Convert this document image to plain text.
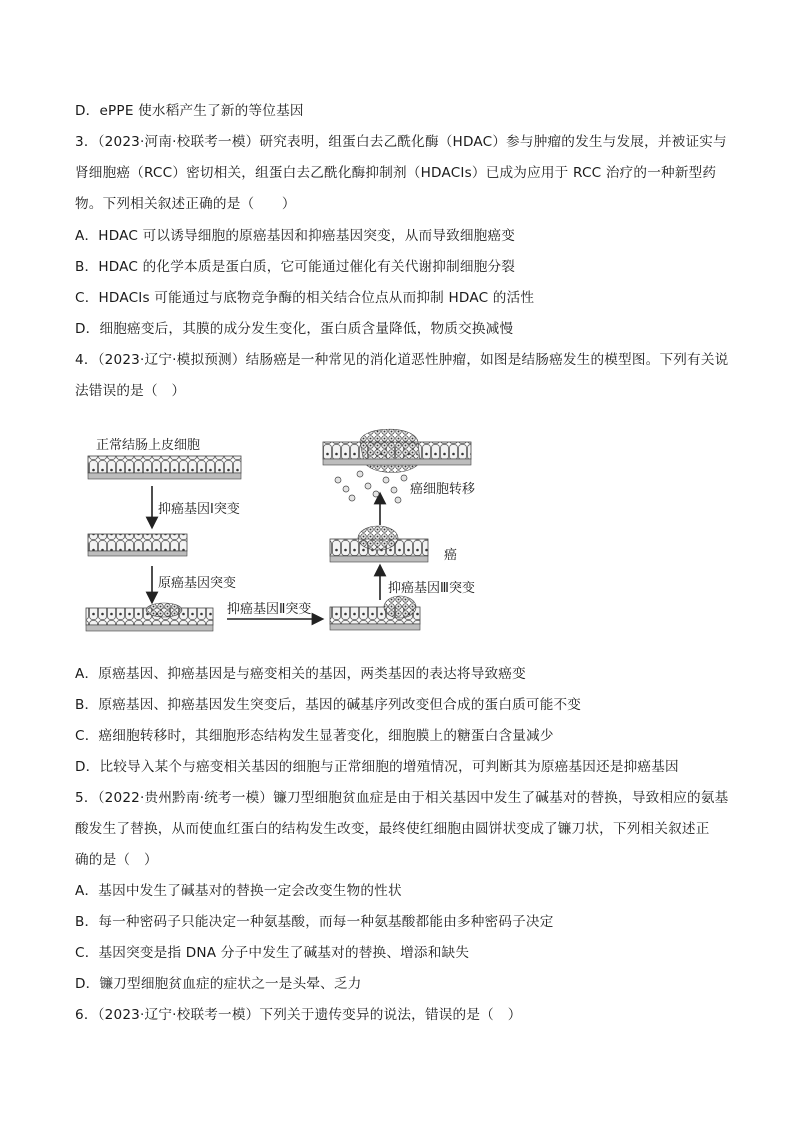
D．ePPE 使水稻产生了新的等位基因
3．（2023·河南·校联考一模）研究表明，组蛋白去乙酰化酶（HDAC）参与肿瘤的发生与发展，并被证实与
肾细胞癌（RCC）密切相关，组蛋白去乙酰化酶抑制剂（HDACIs）已成为应用于 RCC 治疗的一种新型药
物。下列相关叙述正确的是（　　）
A．HDAC 可以诱导细胞的原癌基因和抑癌基因突变，从而导致细胞癌变
B．HDAC 的化学本质是蛋白质，它可能通过催化有关代谢抑制细胞分裂
C．HDACIs 可能通过与底物竞争酶的相关结合位点从而抑制 HDAC 的活性
D．细胞癌变后，其膜的成分发生变化，蛋白质含量降低，物质交换减慢
4．（2023·辽宁·模拟预测）结肠癌是一种常见的消化道恶性肿瘤，如图是结肠癌发生的模型图。下列有关说
法错误的是（　）
正常结肠上皮细胞
抑癌基因Ⅰ突变
原癌基因突变
抑癌基因Ⅱ突变
抑癌基因Ⅲ突变
癌
癌细胞转移
A．原癌基因、抑癌基因是与癌变相关的基因，两类基因的表达将导致癌变
B．原癌基因、抑癌基因发生突变后，基因的碱基序列改变但合成的蛋白质可能不变
C．癌细胞转移时，其细胞形态结构发生显著变化，细胞膜上的糖蛋白含量减少
D．比较导入某个与癌变相关基因的细胞与正常细胞的增殖情况，可判断其为原癌基因还是抑癌基因
5．（2022·贵州黔南·统考一模）镰刀型细胞贫血症是由于相关基因中发生了碱基对的替换，导致相应的氨基
酸发生了替换，从而使血红蛋白的结构发生改变，最终使红细胞由圆饼状变成了镰刀状，下列相关叙述正
确的是（　）
A．基因中发生了碱基对的替换一定会改变生物的性状
B．每一种密码子只能决定一种氨基酸，而每一种氨基酸都能由多种密码子决定
C．基因突变是指 DNA 分子中发生了碱基对的替换、增添和缺失
D．镰刀型细胞贫血症的症状之一是头晕、乏力
6．（2023·辽宁·校联考一模）下列关于遗传变异的说法，错误的是（　）
